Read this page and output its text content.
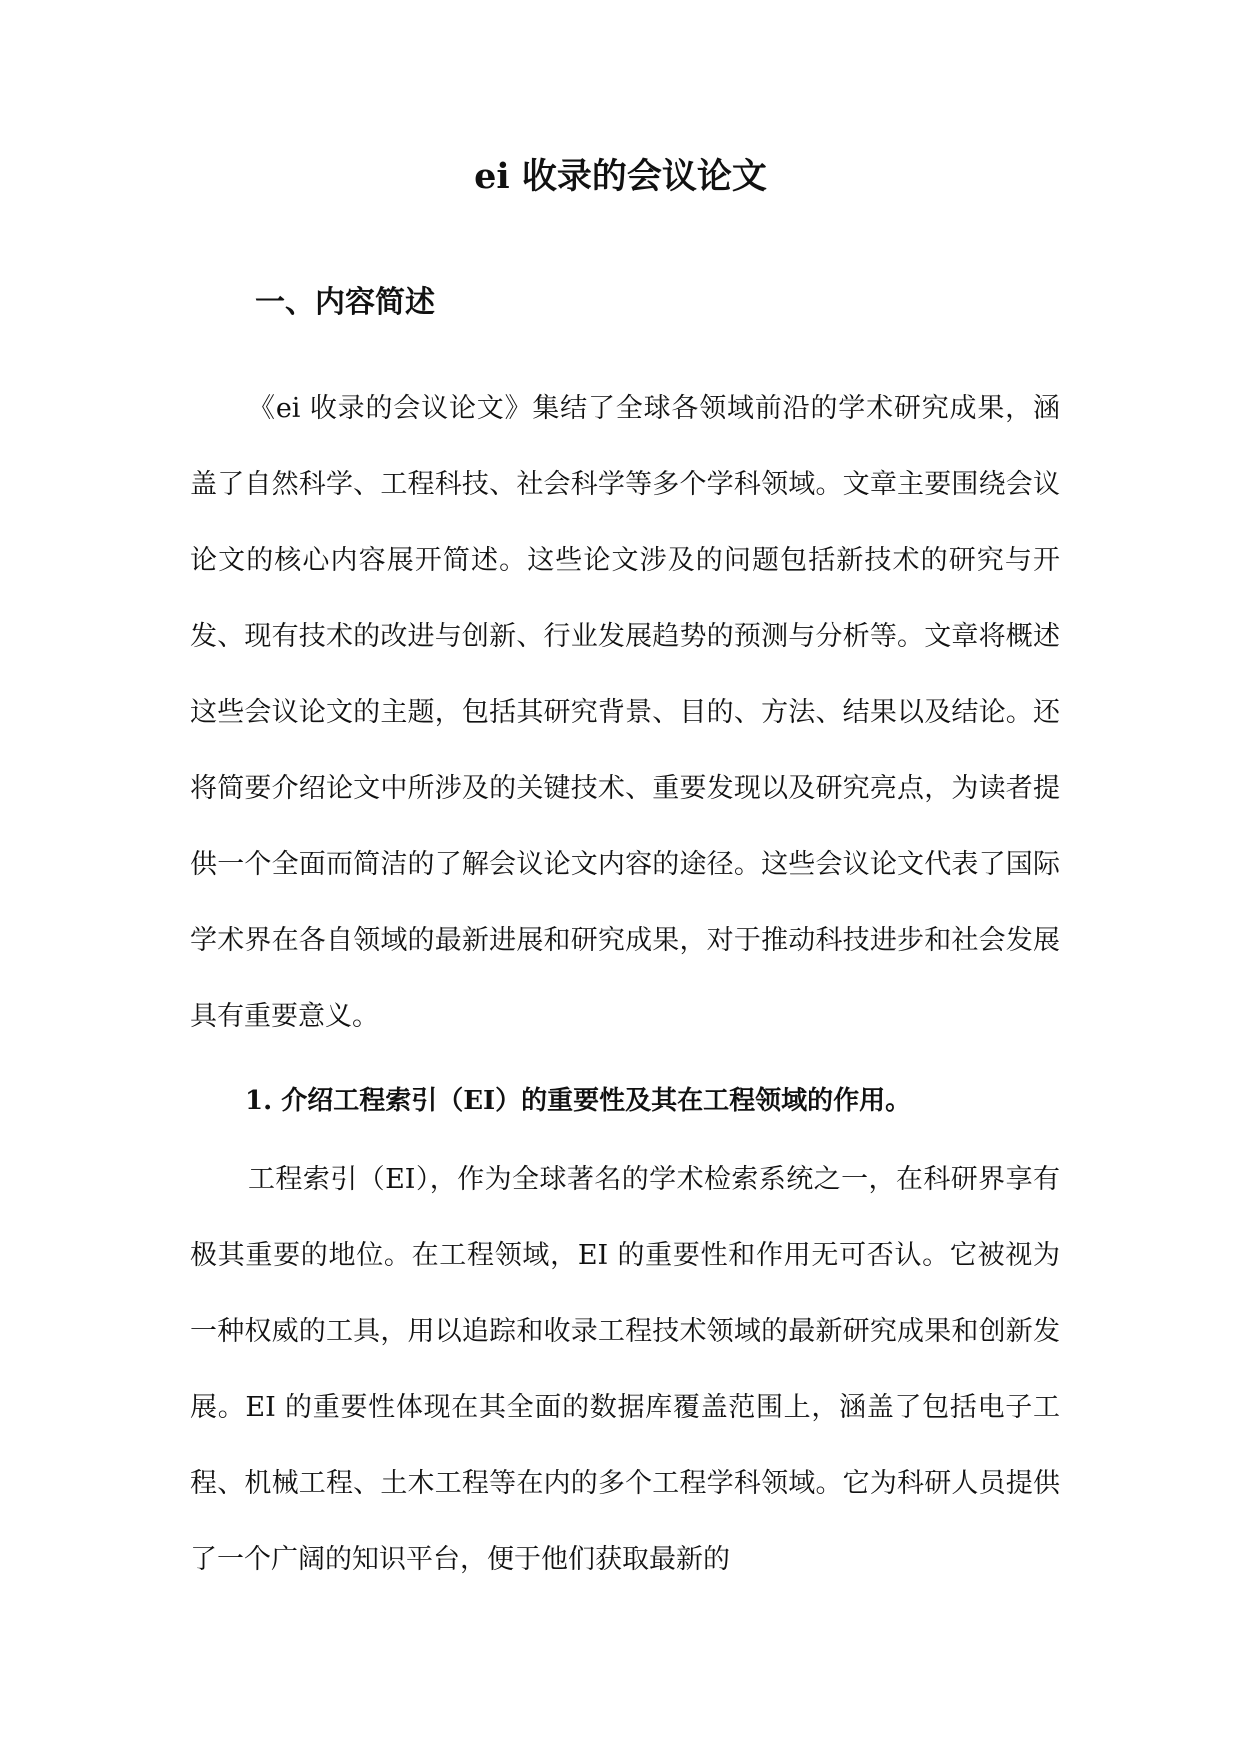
ei 收录的会议论文
一、内容简述

《ei 收录的会议论文》集结了全球各领域前沿的学术研究成果，涵盖了自然科学、工程科技、社会科学等多个学科领域。文章主要围绕会议论文的核心内容展开简述。这些论文涉及的问题包括新技术的研究与开发、现有技术的改进与创新、行业发展趋势的预测与分析等。文章将概述这些会议论文的主题，包括其研究背景、目的、方法、结果以及结论。还将简要介绍论文中所涉及的关键技术、重要发现以及研究亮点，为读者提供一个全面而简洁的了解会议论文内容的途径。这些会议论文代表了国际学术界在各自领域的最新进展和研究成果，对于推动科技进步和社会发展具有重要意义。

1. 介绍工程索引（EI）的重要性及其在工程领域的作用。

工程索引（EI），作为全球著名的学术检索系统之一，在科研界享有极其重要的地位。在工程领域，EI 的重要性和作用无可否认。它被视为一种权威的工具，用以追踪和收录工程技术领域的最新研究成果和创新发展。EI 的重要性体现在其全面的数据库覆盖范围上，涵盖了包括电子工程、机械工程、土木工程等在内的多个工程学科领域。它为科研人员提供了一个广阔的知识平台，便于他们获取最新的
